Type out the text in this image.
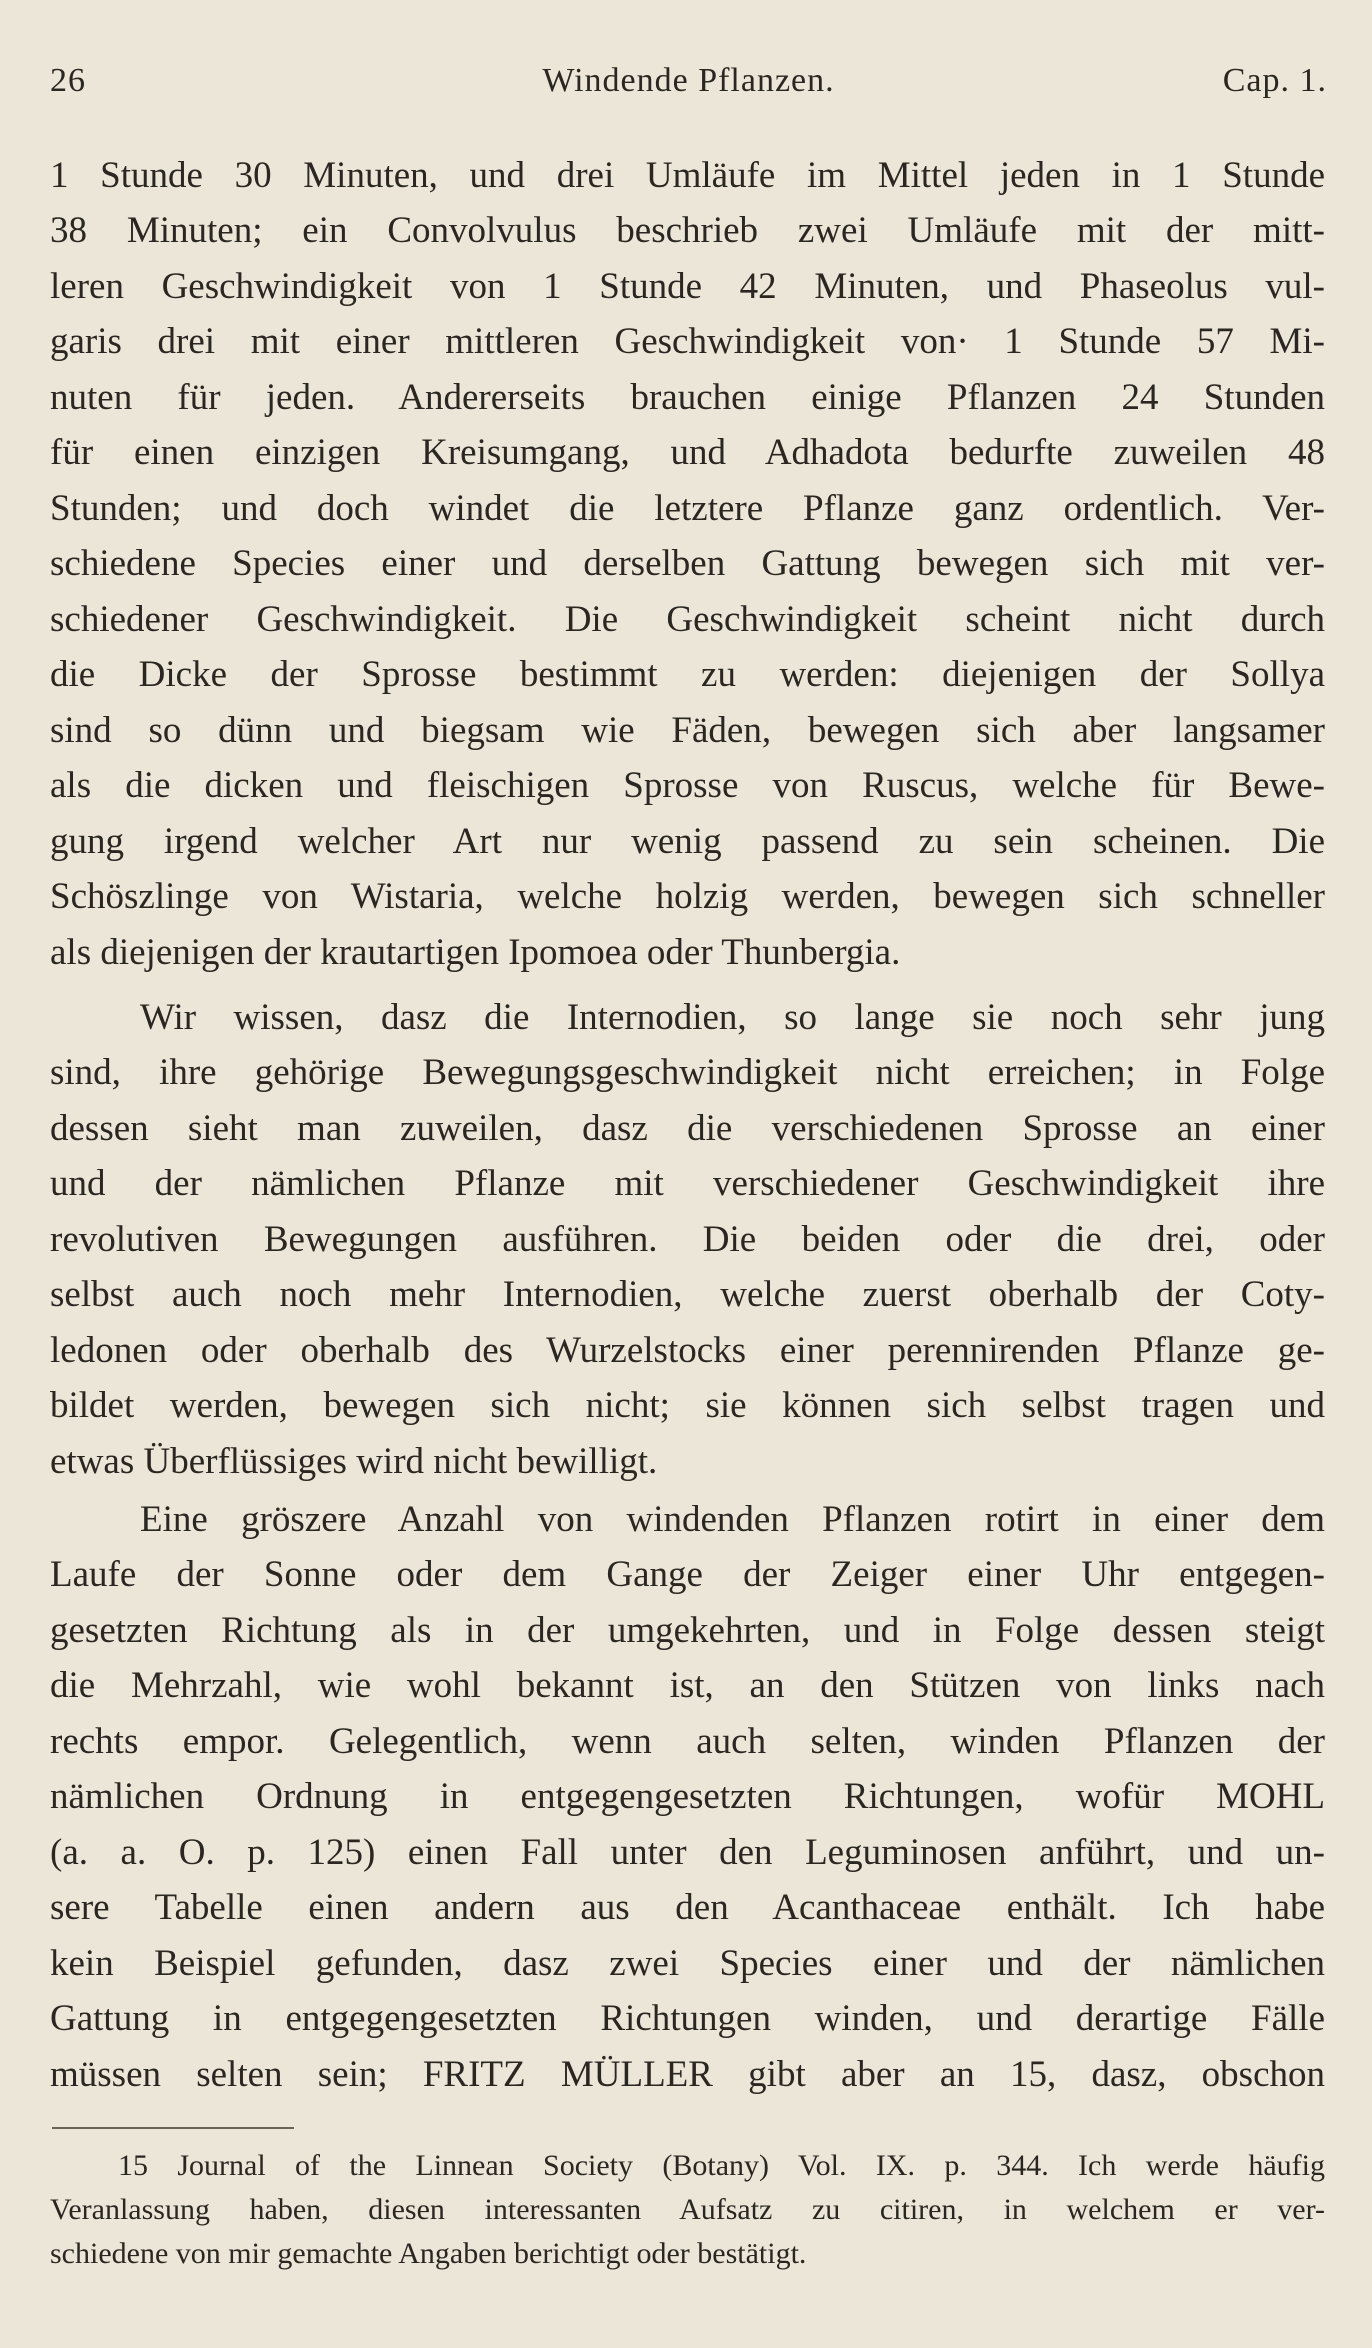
26	Windende Pflanzen.	Cap. 1.
1 Stunde 30 Minuten, und drei Umläufe im Mittel jeden in 1 Stunde
38 Minuten; ein Convolvulus beschrieb zwei Umläufe mit der mitt-
leren Geschwindigkeit von 1 Stunde 42 Minuten, und Phaseolus vul-
garis drei mit einer mittleren Geschwindigkeit von· 1 Stunde 57 Mi-
nuten für jeden. Andererseits brauchen einige Pflanzen 24 Stunden
für einen einzigen Kreisumgang, und Adhadota bedurfte zuweilen 48
Stunden; und doch windet die letztere Pflanze ganz ordentlich. Ver-
schiedene Species einer und derselben Gattung bewegen sich mit ver-
schiedener Geschwindigkeit. Die Geschwindigkeit scheint nicht durch
die Dicke der Sprosse bestimmt zu werden: diejenigen der Sollya
sind so dünn und biegsam wie Fäden, bewegen sich aber langsamer
als die dicken und fleischigen Sprosse von Ruscus, welche für Bewe-
gung irgend welcher Art nur wenig passend zu sein scheinen. Die
Schöszlinge von Wistaria, welche holzig werden, bewegen sich schneller
als diejenigen der krautartigen Ipomoea oder Thunbergia.
Wir wissen, dasz die Internodien, so lange sie noch sehr jung
sind, ihre gehörige Bewegungsgeschwindigkeit nicht erreichen; in Folge
dessen sieht man zuweilen, dasz die verschiedenen Sprosse an einer
und der nämlichen Pflanze mit verschiedener Geschwindigkeit ihre
revolutiven Bewegungen ausführen. Die beiden oder die drei, oder
selbst auch noch mehr Internodien, welche zuerst oberhalb der Coty-
ledonen oder oberhalb des Wurzelstocks einer perennirenden Pflanze ge-
bildet werden, bewegen sich nicht; sie können sich selbst tragen und
etwas Überflüssiges wird nicht bewilligt.
Eine gröszere Anzahl von windenden Pflanzen rotirt in einer dem
Laufe der Sonne oder dem Gange der Zeiger einer Uhr entgegen-
gesetzten Richtung als in der umgekehrten, und in Folge dessen steigt
die Mehrzahl, wie wohl bekannt ist, an den Stützen von links nach
rechts empor. Gelegentlich, wenn auch selten, winden Pflanzen der
nämlichen Ordnung in entgegengesetzten Richtungen, wofür MOHL
(a. a. O. p. 125) einen Fall unter den Leguminosen anführt, und un-
sere Tabelle einen andern aus den Acanthaceae enthält. Ich habe
kein Beispiel gefunden, dasz zwei Species einer und der nämlichen
Gattung in entgegengesetzten Richtungen winden, und derartige Fälle
müssen selten sein; FRITZ MÜLLER gibt aber an 15, dasz, obschon
15 Journal of the Linnean Society (Botany) Vol. IX. p. 344. Ich werde häufig
Veranlassung haben, diesen interessanten Aufsatz zu citiren, in welchem er ver-
schiedene von mir gemachte Angaben berichtigt oder bestätigt.
